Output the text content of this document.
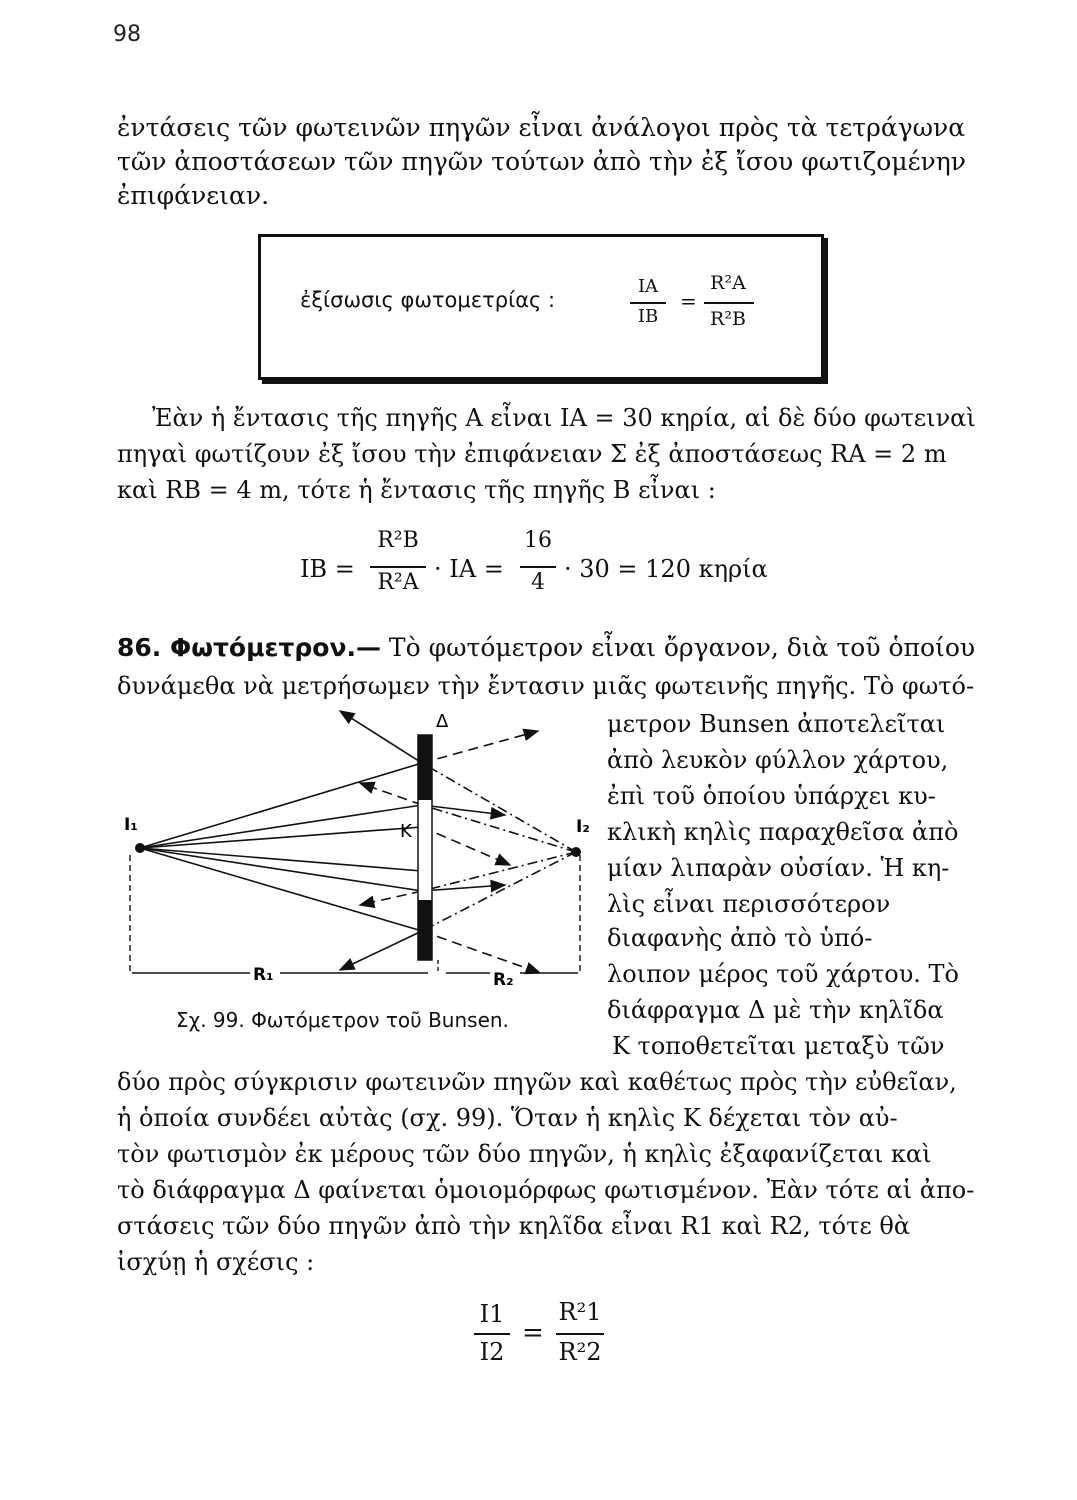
98
ἐντάσεις τῶν φωτεινῶν πηγῶν εἶναι ἀνάλογοι πρὸς τὰ τετράγωνα
τῶν ἀποστάσεων τῶν πηγῶν τούτων ἀπὸ τὴν ἐξ ἴσου φωτιζομένην
ἐπιφάνειαν.
ἐξίσωσις φωτομετρίας :
IA
IB
=
R²A
R²B
Ἐὰν ἡ ἔντασις τῆς πηγῆς Α εἶναι IA = 30 κηρία, αἱ δὲ δύο φωτειναὶ
πηγαὶ φωτίζουν ἐξ ἴσου τὴν ἐπιφάνειαν Σ ἐξ ἀποστάσεως RA = 2 m
καὶ RB = 4 m, τότε ἡ ἔντασις τῆς πηγῆς Β εἶναι :
IB =
R²B
R²A · IA =
16
4 · 30 = 120 κηρία
86. Φωτόμετρον.— Τὸ φωτόμετρον εἶναι ὄργανον, διὰ τοῦ ὁποίου
δυνάμεθα νὰ μετρήσωμεν τὴν ἔντασιν μιᾶς φωτεινῆς πηγῆς. Τὸ φωτό-
μετρον Bunsen ἀποτελεῖται
ἀπὸ λευκὸν φύλλον χάρτου,
ἐπὶ τοῦ ὁποίου ὑπάρχει κυ-
κλικὴ κηλὶς παραχθεῖσα ἀπὸ
μίαν λιπαρὰν οὐσίαν. Ἡ κη-
λὶς εἶναι περισσότερον
διαφανὴς ἀπὸ τὸ ὑπό-
λοιπον μέρος τοῦ χάρτου. Τὸ
διάφραγμα Δ μὲ τὴν κηλῖδα
Κ τοποθετεῖται μεταξὺ τῶν
Δ
K
I₁	I₂
R₁	R₂
Σχ. 99. Φωτόμετρον τοῦ Bunsen.
δύο πρὸς σύγκρισιν φωτεινῶν πηγῶν καὶ καθέτως πρὸς τὴν εὐθεῖαν,
ἡ ὁποία συνδέει αὐτὰς (σχ. 99). Ὅταν ἡ κηλὶς Κ δέχεται τὸν αὐ-
τὸν φωτισμὸν ἐκ μέρους τῶν δύο πηγῶν, ἡ κηλὶς ἐξαφανίζεται καὶ
τὸ διάφραγμα Δ φαίνεται ὁμοιομόρφως φωτισμένον. Ἐὰν τότε αἱ ἀπο-
στάσεις τῶν δύο πηγῶν ἀπὸ τὴν κηλῖδα εἶναι R1 καὶ R2, τότε θὰ
ἰσχύῃ ἡ σχέσις :
I1
I2
=
R²1
R²2
